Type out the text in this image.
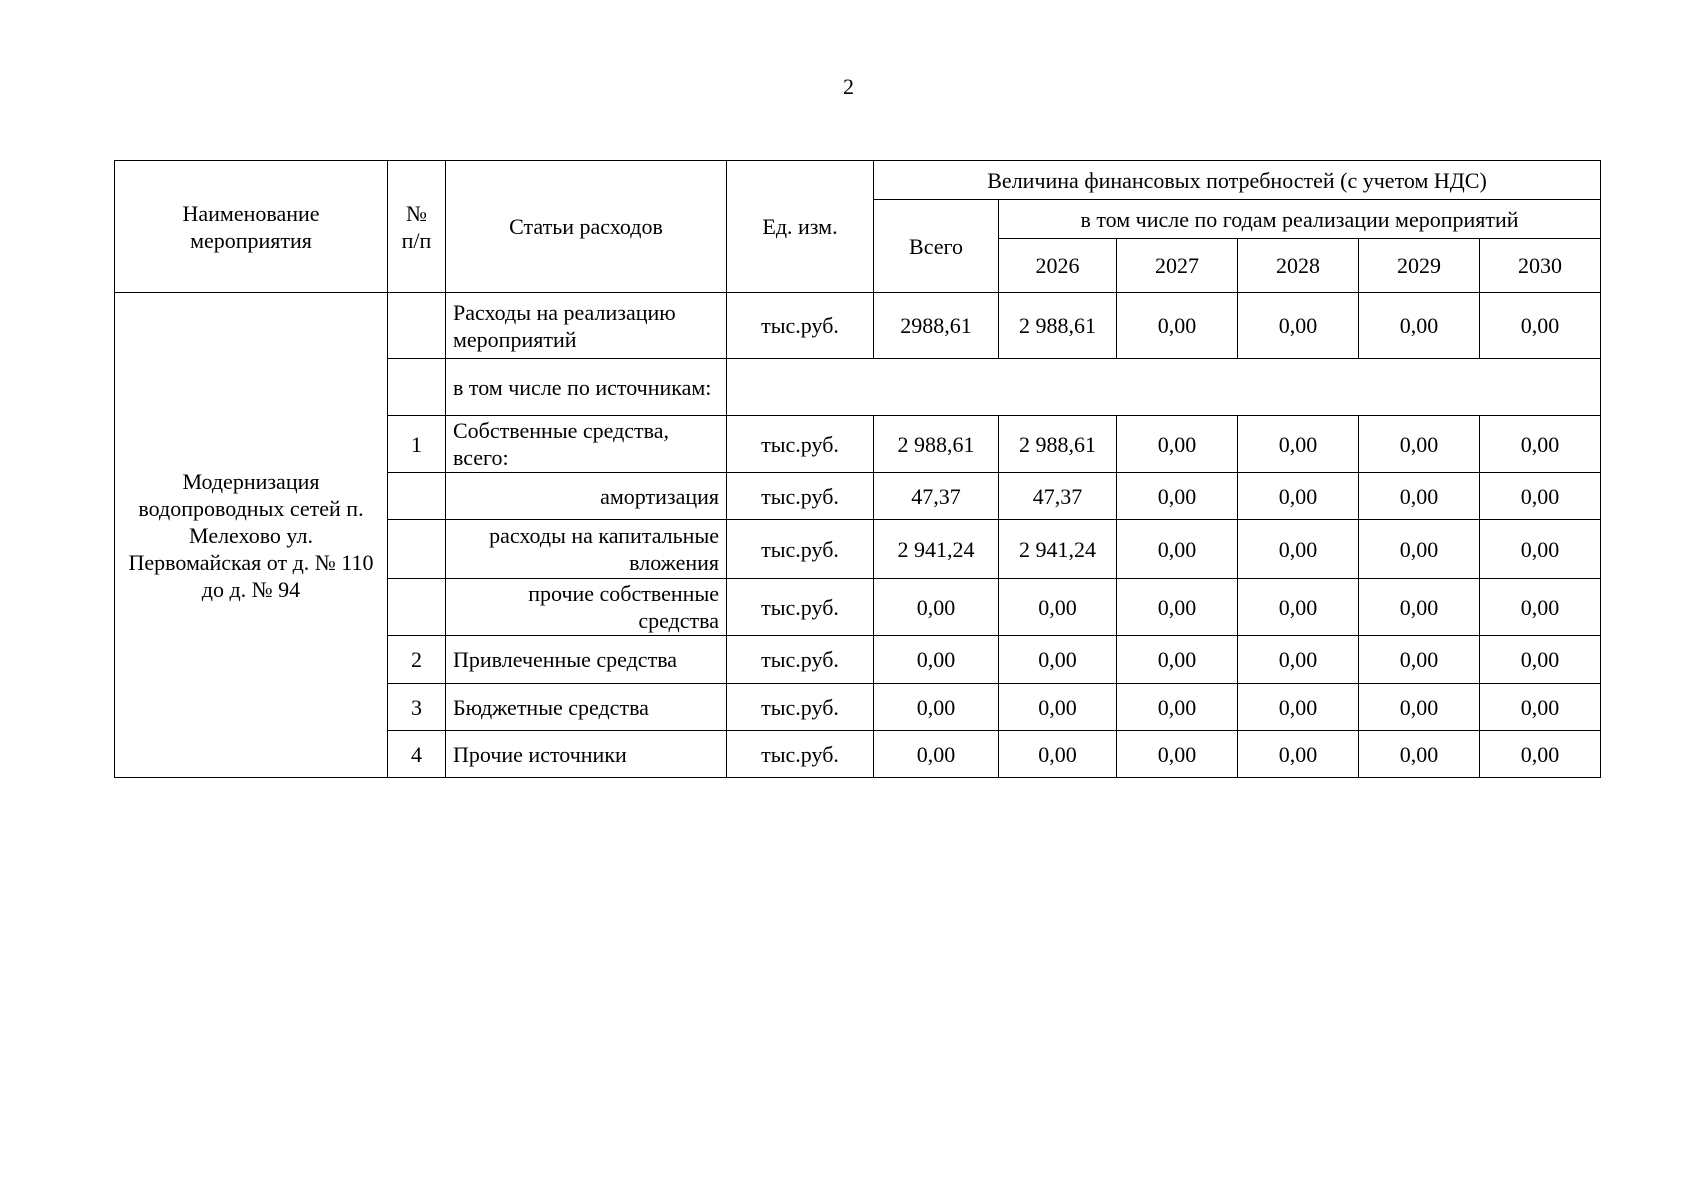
2
Наименование мероприятия	№ п/п	Статьи расходов	Ед. изм.	Величина финансовых потребностей (с учетом НДС)					
				Всего	в том числе по годам реализации мероприятий				
					2026	2027	2028	2029	2030
Модернизация водопроводных сетей п. Мелехово ул. Первомайская от д. № 110 до д. № 94		Расходы на реализацию мероприятий	тыс.руб.	2988,61	2 988,61	0,00	0,00	0,00	0,00
		в том числе по источникам:							
	1	Собственные средства, всего:	тыс.руб.	2 988,61	2 988,61	0,00	0,00	0,00	0,00
		амортизация	тыс.руб.	47,37	47,37	0,00	0,00	0,00	0,00
		расходы на капитальные вложения	тыс.руб.	2 941,24	2 941,24	0,00	0,00	0,00	0,00
		прочие собственные средства	тыс.руб.	0,00	0,00	0,00	0,00	0,00	0,00
	2	Привлеченные средства	тыс.руб.	0,00	0,00	0,00	0,00	0,00	0,00
	3	Бюджетные средства	тыс.руб.	0,00	0,00	0,00	0,00	0,00	0,00
	4	Прочие источники	тыс.руб.	0,00	0,00	0,00	0,00	0,00	0,00
